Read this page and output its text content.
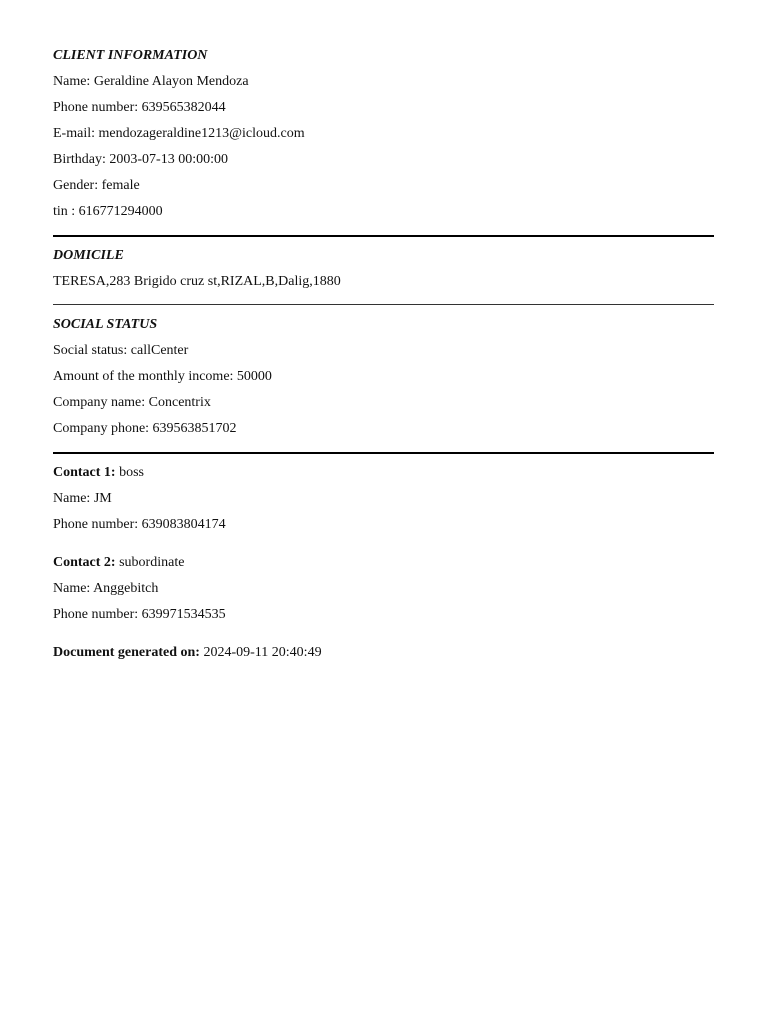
CLIENT INFORMATION
Name: Geraldine Alayon Mendoza
Phone number: 639565382044
E-mail: mendozageraldine1213@icloud.com
Birthday: 2003-07-13 00:00:00
Gender: female
tin : 616771294000
DOMICILE
TERESA,283 Brigido cruz st,RIZAL,B,Dalig,1880
SOCIAL STATUS
Social status: callCenter
Amount of the monthly income: 50000
Company name: Concentrix
Company phone: 639563851702
Contact 1: boss
Name: JM
Phone number: 639083804174
Contact 2: subordinate
Name: Anggebitch
Phone number: 639971534535
Document generated on: 2024-09-11 20:40:49
